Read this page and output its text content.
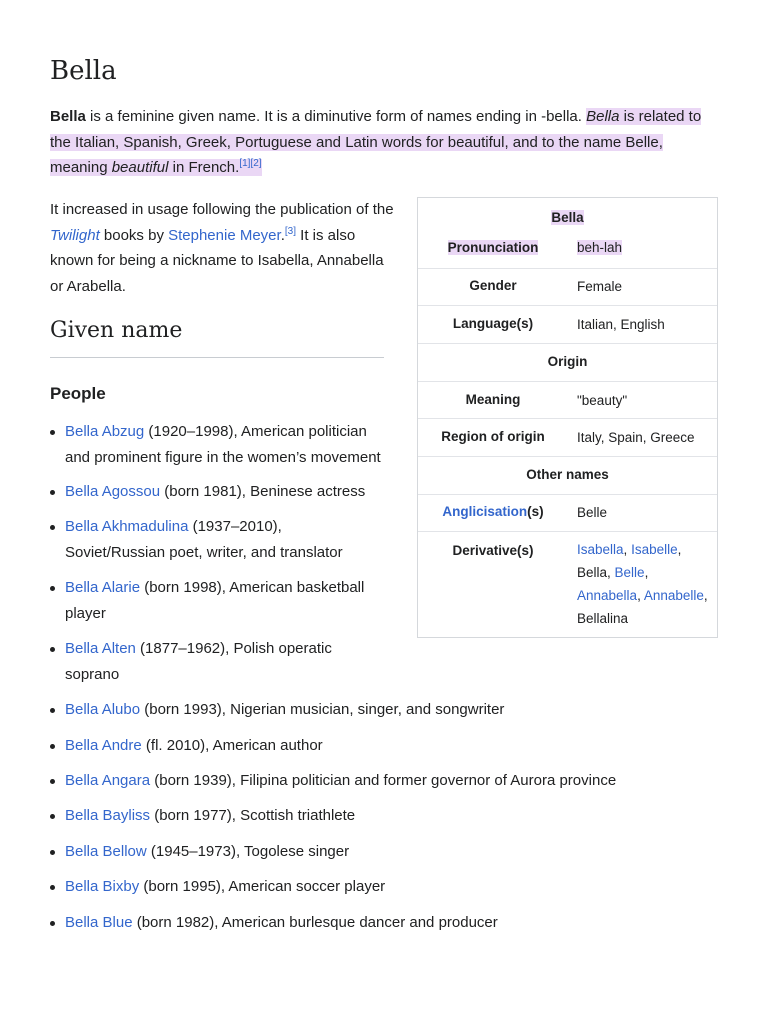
Bella

Bella is a feminine given name. It is a diminutive form of names ending in -bella. Bella is related to the Italian, Spanish, Greek, Portuguese and Latin words for beautiful, and to the name Belle, meaning beautiful in French.[1][2]

It increased in usage following the publication of the Twilight books by Stephenie Meyer.[3] It is also known for being a nickname to Isabella, Annabella or Arabella.

Given name
People
Bella Abzug (1920–1998), American politician
and prominent figure in the women’s movement
Bella Agossou (born 1981), Beninese actress
Bella Akhmadulina (1937–2010),
Soviet/Russian poet, writer, and translator
Bella Alarie (born 1998), American basketball
player
Bella Alten (1877–1962), Polish operatic
soprano
Bella Alubo (born 1993), Nigerian musician, singer, and songwriter
Bella Andre (fl. 2010), American author
Bella Angara (born 1939), Filipina politician and former governor of Aurora province
Bella Bayliss (born 1977), Scottish triathlete
Bella Bellow (1945–1973), Togolese singer
Bella Bixby (born 1995), American soccer player
Bella Blue (born 1982), American burlesque dancer and producer
Bella
Pronunciation	beh-lah
Gender	Female
Language(s)	Italian, English
Origin
Meaning	"beauty"
Region of origin	Italy, Spain, Greece
Other names
Anglicisation(s)	Belle
Derivative(s)	Isabella, Isabelle,
Bella, Belle,
Annabella, Annabelle,
Bellalina
